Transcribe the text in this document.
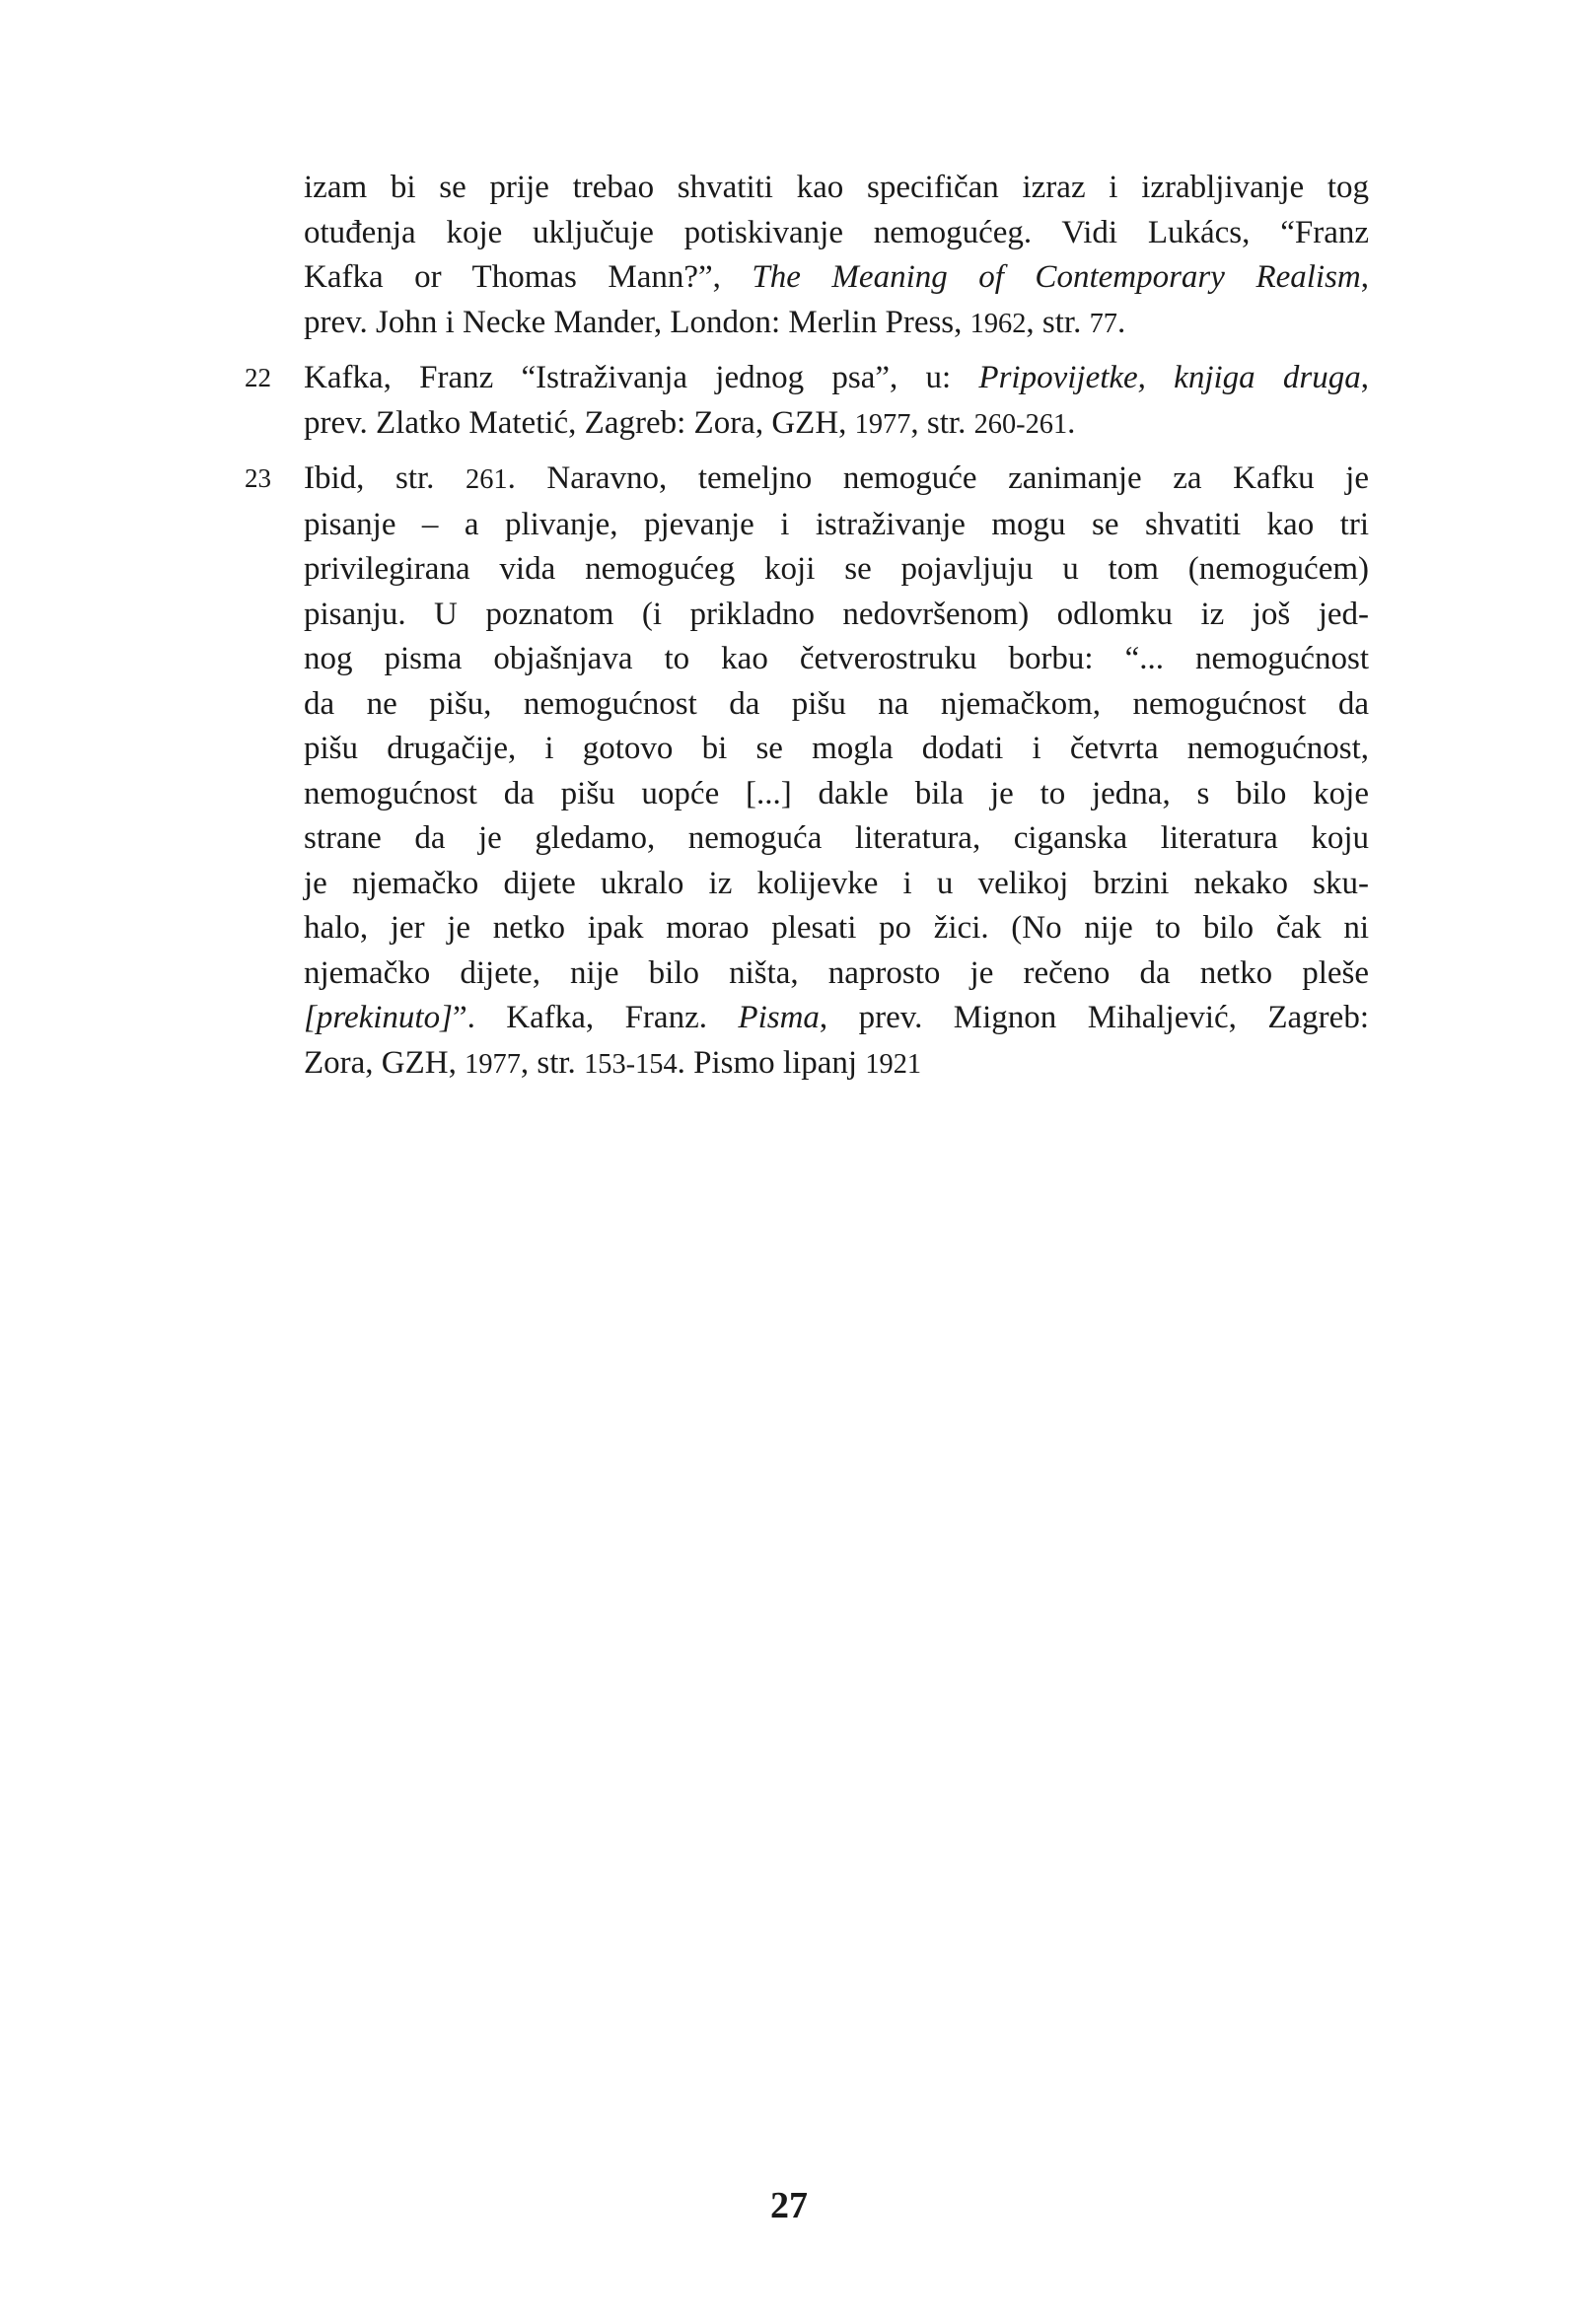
izam bi se prije trebao shvatiti kao specifičan izraz i izrabljivanje tog
otuđenja koje uključuje potiskivanje nemogućeg. Vidi Lukács, “Franz
Kafka or Thomas Mann?”, The Meaning of Contemporary Realism,
prev. John i Necke Mander, London: Merlin Press, 1962, str. 77.
22 Kafka, Franz “Istraživanja jednog psa”, u: Pripovijetke, knjiga druga,
prev. Zlatko Matetić, Zagreb: Zora, GZH, 1977, str. 260-261.
23 Ibid, str. 261. Naravno, temeljno nemoguće zanimanje za Kafku je
pisanje – a plivanje, pjevanje i istraživanje mogu se shvatiti kao tri
privilegirana vida nemogućeg koji se pojavljuju u tom (nemogućem)
pisanju. U poznatom (i prikladno nedovršenom) odlomku iz još jed-
nog pisma objašnjava to kao četverostruku borbu: “... nemogućnost
da ne pišu, nemogućnost da pišu na njemačkom, nemogućnost da
pišu drugačije, i gotovo bi se mogla dodati i četvrta nemogućnost,
nemogućnost da pišu uopće [...] dakle bila je to jedna, s bilo koje
strane da je gledamo, nemoguća literatura, ciganska literatura koju
je njemačko dijete ukralo iz kolijevke i u velikoj brzini nekako sku-
halo, jer je netko ipak morao plesati po žici. (No nije to bilo čak ni
njemačko dijete, nije bilo ništa, naprosto je rečeno da netko pleše
[prekinuto]”. Kafka, Franz. Pisma, prev. Mignon Mihaljević, Zagreb:
Zora, GZH, 1977, str. 153-154. Pismo lipanj 1921
27
